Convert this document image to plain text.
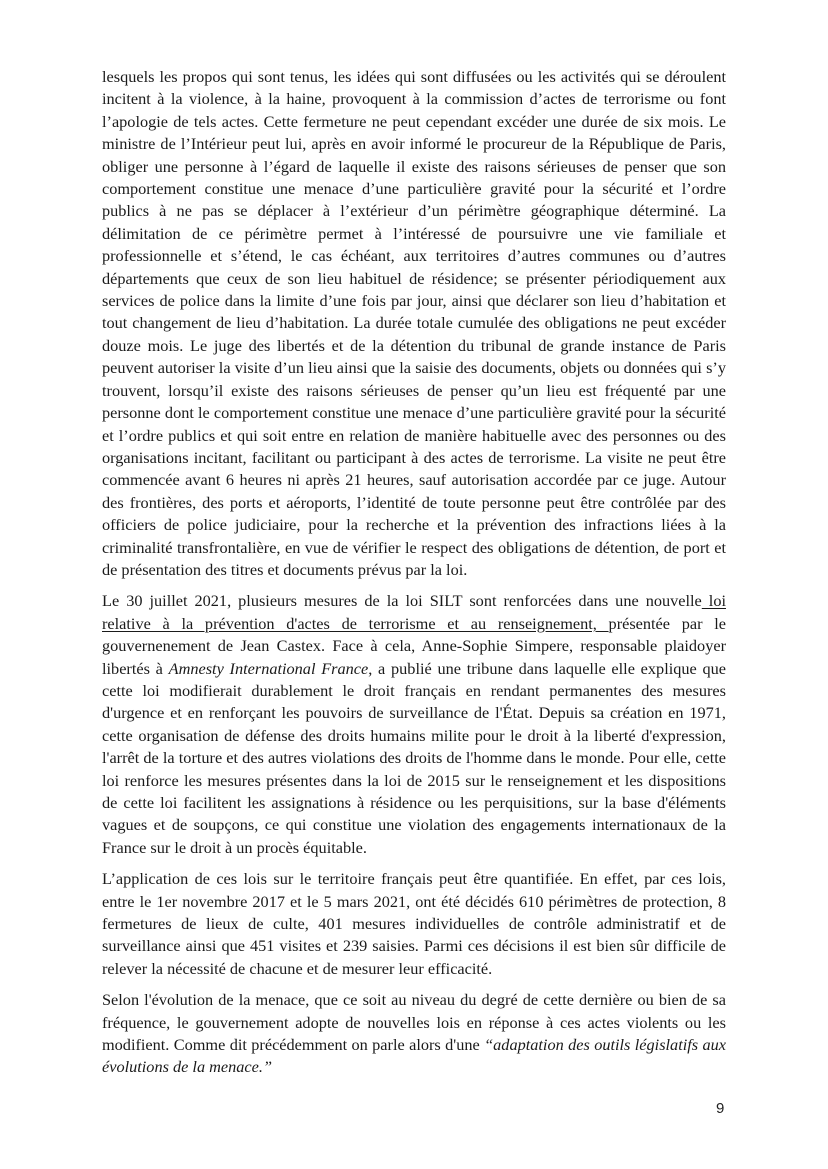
lesquels les propos qui sont tenus, les idées qui sont diffusées ou les activités qui se déroulent incitent à la violence, à la haine, provoquent à la commission d’actes de terrorisme ou font l’apologie de tels actes. Cette fermeture ne peut cependant excéder une durée de six mois. Le ministre de l’Intérieur peut lui, après en avoir informé le procureur de la République de Paris, obliger une personne à l’égard de laquelle il existe des raisons sérieuses de penser que son comportement constitue une menace d’une particulière gravité pour la sécurité et l’ordre publics à ne pas se déplacer à l’extérieur d’un périmètre géographique déterminé. La délimitation de ce périmètre permet à l’intéressé de poursuivre une vie familiale et professionnelle et s’étend, le cas échéant, aux territoires d’autres communes ou d’autres départements que ceux de son lieu habituel de résidence; se présenter périodiquement aux services de police dans la limite d’une fois par jour, ainsi que déclarer son lieu d’habitation et tout changement de lieu d’habitation. La durée totale cumulée des obligations ne peut excéder douze mois. Le juge des libertés et de la détention du tribunal de grande instance de Paris peuvent autoriser la visite d’un lieu ainsi que la saisie des documents, objets ou données qui s’y trouvent, lorsqu’il existe des raisons sérieuses de penser qu’un lieu est fréquenté par une personne dont le comportement constitue une menace d’une particulière gravité pour la sécurité et l’ordre publics et qui soit entre en relation de manière habituelle avec des personnes ou des organisations incitant, facilitant ou participant à des actes de terrorisme. La visite ne peut être commencée avant 6 heures ni après 21 heures, sauf autorisation accordée par ce juge. Autour des frontières, des ports et aéroports, l’identité de toute personne peut être contrôlée par des officiers de police judiciaire, pour la recherche et la prévention des infractions liées à la criminalité transfrontalière, en vue de vérifier le respect des obligations de détention, de port et de présentation des titres et documents prévus par la loi.

Le 30 juillet 2021, plusieurs mesures de la loi SILT sont renforcées dans une nouvelle loi relative à la prévention d'actes de terrorisme et au renseignement, présentée par le gouvernenement de Jean Castex. Face à cela, Anne-Sophie Simpere, responsable plaidoyer libertés à Amnesty International France, a publié une tribune dans laquelle elle explique que cette loi modifierait durablement le droit français en rendant permanentes des mesures d'urgence et en renforçant les pouvoirs de surveillance de l'État. Depuis sa création en 1971, cette organisation de défense des droits humains milite pour le droit à la liberté d'expression, l'arrêt de la torture et des autres violations des droits de l'homme dans le monde. Pour elle, cette loi renforce les mesures présentes dans la loi de 2015 sur le renseignement et les dispositions de cette loi facilitent les assignations à résidence ou les perquisitions, sur la base d'éléments vagues et de soupçons, ce qui constitue une violation des engagements internationaux de la France sur le droit à un procès équitable.

L’application de ces lois sur le territoire français peut être quantifiée. En effet, par ces lois, entre le 1er novembre 2017 et le 5 mars 2021, ont été décidés 610 périmètres de protection, 8 fermetures de lieux de culte, 401 mesures individuelles de contrôle administratif et de surveillance ainsi que 451 visites et 239 saisies. Parmi ces décisions il est bien sûr difficile de relever la nécessité de chacune et de mesurer leur efficacité.

Selon l'évolution de la menace, que ce soit au niveau du degré de cette dernière ou bien de sa fréquence, le gouvernement adopte de nouvelles lois en réponse à ces actes violents ou les modifient. Comme dit précédemment on parle alors d'une “adaptation des outils législatifs aux évolutions de la menace.”

9
